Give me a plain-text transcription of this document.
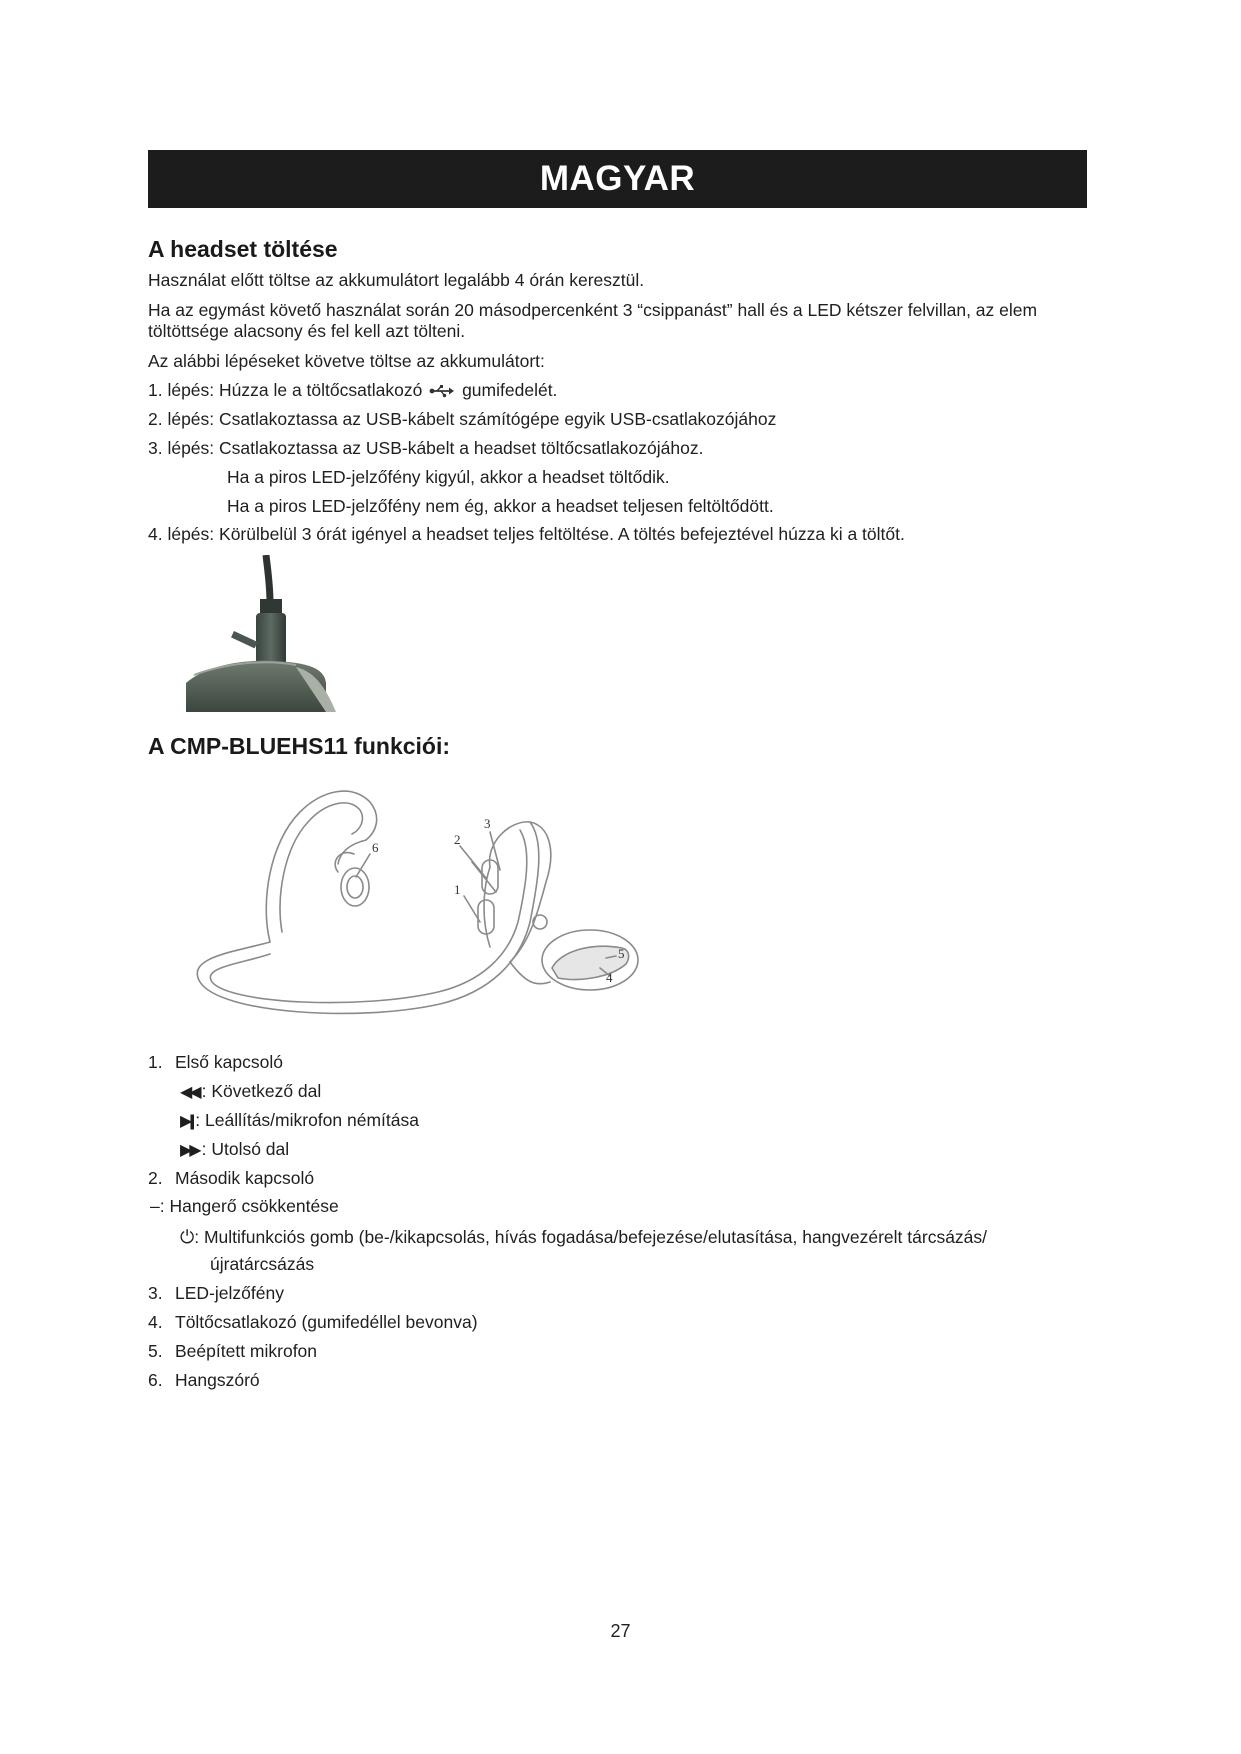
MAGYAR
A headset töltése
Használat előtt töltse az akkumulátort legalább 4 órán keresztül.
Ha az egymást követő használat során 20 másodpercenként 3 “csippanást” hall és a LED kétszer felvillan, az elem töltöttsége alacsony és fel kell azt tölteni.
Az alábbi lépéseket követve töltse az akkumulátort:
1. lépés: Húzza le a töltőcsatlakozó gumifedelét.
2. lépés: Csatlakoztassa az USB-kábelt számítógépe egyik USB-csatlakozójához
3. lépés: Csatlakoztassa az USB-kábelt a headset töltőcsatlakozójához.
Ha a piros LED-jelzőfény kigyúl, akkor a headset töltődik.
Ha a piros LED-jelzőfény nem ég, akkor a headset teljesen feltöltődött.
4. lépés: Körülbelül 3 órát igényel a headset teljes feltöltése. A töltés befejeztével húzza ki a töltőt.
A CMP-BLUEHS11 funkciói:
1
2
3
4
5
6
1. Első kapcsoló
◀◀ : Következő dal
▶|| : Leállítás/mikrofon némítása
▶▶ : Utolsó dal
2. Második kapcsoló
–: Hangerő csökkentése
⏻: Multifunkciós gomb (be-/kikapcsolás, hívás fogadása/befejezése/elutasítása, hangvezérelt tárcsázás/
újratárcsázás
3. LED-jelzőfény
4. Töltőcsatlakozó (gumifedéllel bevonva)
5. Beépített mikrofon
6. Hangszóró
27
